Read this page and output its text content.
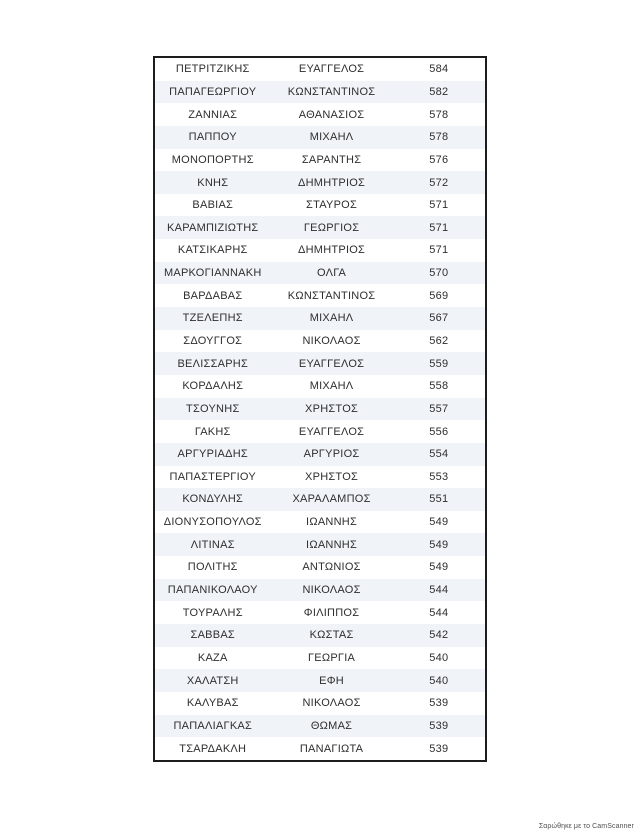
ΠΕΤΡΙΤΖΙΚΗΣ	ΕΥΑΓΓΕΛΟΣ	584
ΠΑΠΑΓΕΩΡΓΙΟΥ	ΚΩΝΣΤΑΝΤΙΝΟΣ	582
ΖΑΝΝΙΑΣ	ΑΘΑΝΑΣΙΟΣ	578
ΠΑΠΠΟΥ	ΜΙΧΑΗΛ	578
ΜΟΝΟΠΟΡΤΗΣ	ΣΑΡΑΝΤΗΣ	576
ΚΝΗΣ	ΔΗΜΗΤΡΙΟΣ	572
ΒΑΒΙΑΣ	ΣΤΑΥΡΟΣ	571
ΚΑΡΑΜΠΙΖΙΩΤΗΣ	ΓΕΩΡΓΙΟΣ	571
ΚΑΤΣΙΚΑΡΗΣ	ΔΗΜΗΤΡΙΟΣ	571
ΜΑΡΚΟΓΙΑΝΝΑΚΗ	ΟΛΓΑ	570
ΒΑΡΔΑΒΑΣ	ΚΩΝΣΤΑΝΤΙΝΟΣ	569
ΤΖΕΛΕΠΗΣ	ΜΙΧΑΗΛ	567
ΣΔΟΥΓΓΟΣ	ΝΙΚΟΛΑΟΣ	562
ΒΕΛΙΣΣΑΡΗΣ	ΕΥΑΓΓΕΛΟΣ	559
ΚΟΡΔΑΛΗΣ	ΜΙΧΑΗΛ	558
ΤΣΟΥΝΗΣ	ΧΡΗΣΤΟΣ	557
ΓΑΚΗΣ	ΕΥΑΓΓΕΛΟΣ	556
ΑΡΓΥΡΙΑΔΗΣ	ΑΡΓΥΡΙΟΣ	554
ΠΑΠΑΣΤΕΡΓΙΟΥ	ΧΡΗΣΤΟΣ	553
ΚΟΝΔΥΛΗΣ	ΧΑΡΑΛΑΜΠΟΣ	551
ΔΙΟΝΥΣΟΠΟΥΛΟΣ	ΙΩΑΝΝΗΣ	549
ΛΙΤΙΝΑΣ	ΙΩΑΝΝΗΣ	549
ΠΟΛΙΤΗΣ	ΑΝΤΩΝΙΟΣ	549
ΠΑΠΑΝΙΚΟΛΑΟΥ	ΝΙΚΟΛΑΟΣ	544
ΤΟΥΡΑΛΗΣ	ΦΙΛΙΠΠΟΣ	544
ΣΑΒΒΑΣ	ΚΩΣΤΑΣ	542
ΚΑΖΑ	ΓΕΩΡΓΙΑ	540
ΧΑΛΑΤΣΗ	ΕΦΗ	540
ΚΑΛΥΒΑΣ	ΝΙΚΟΛΑΟΣ	539
ΠΑΠΑΛΙΑΓΚΑΣ	ΘΩΜΑΣ	539
ΤΣΑΡΔΑΚΛΗ	ΠΑΝΑΓΙΩΤΑ	539
Σαρώθηκε με το CamScanner
